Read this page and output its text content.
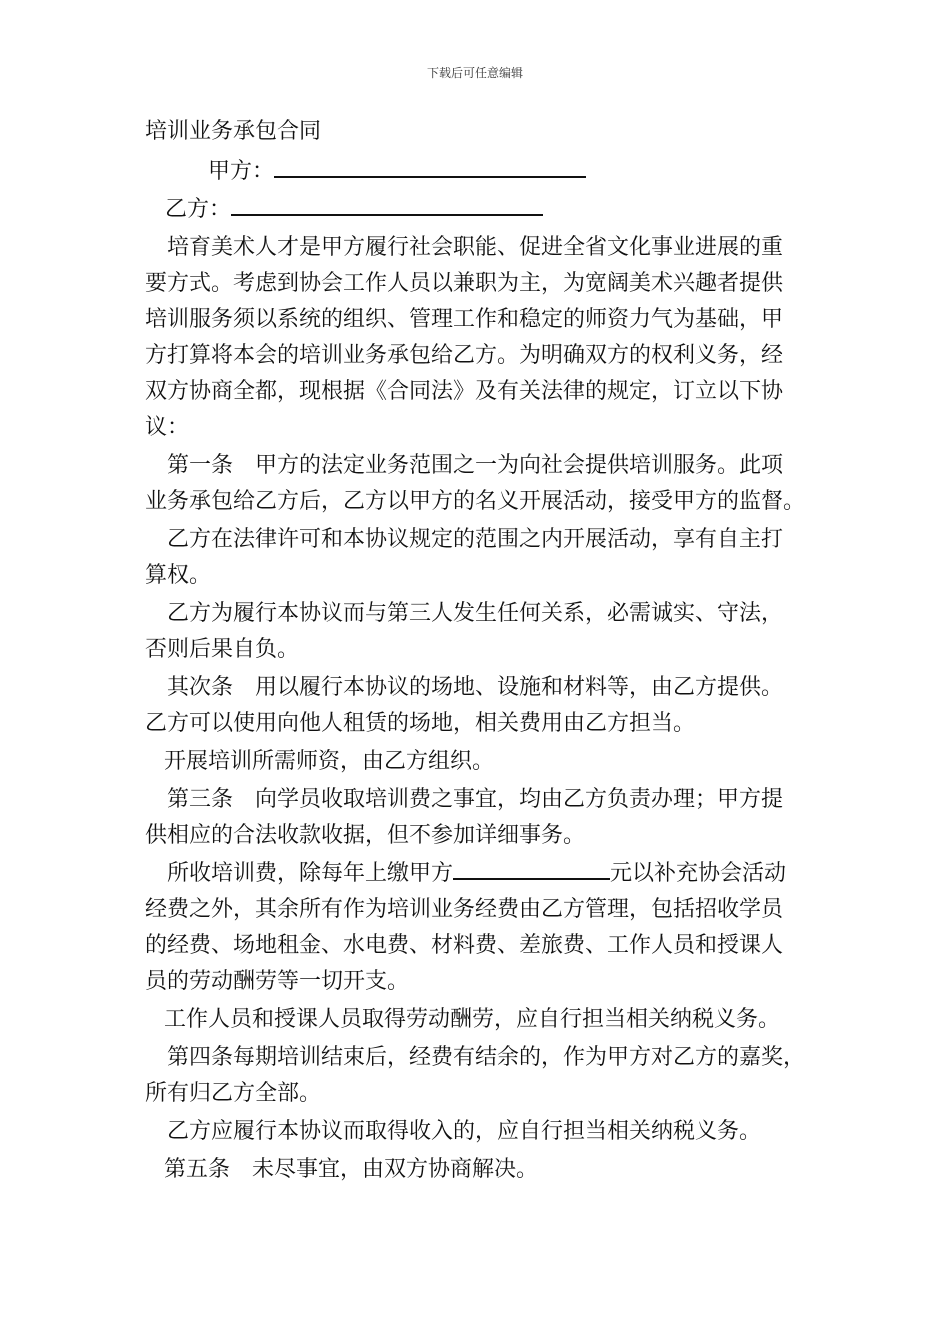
下载后可任意编辑
培训业务承包合同
甲方：
乙方：
培育美术人才是甲方履行社会职能、促进全省文化事业进展的重
要方式。考虑到协会工作人员以兼职为主，为宽阔美术兴趣者提供
培训服务须以系统的组织、管理工作和稳定的师资力气为基础，甲
方打算将本会的培训业务承包给乙方。为明确双方的权利义务，经
双方协商全都，现根据《合同法》及有关法律的规定，订立以下协
议：
第一条　甲方的法定业务范围之一为向社会提供培训服务。此项
业务承包给乙方后，乙方以甲方的名义开展活动，接受甲方的监督。
乙方在法律许可和本协议规定的范围之内开展活动，享有自主打
算权。
乙方为履行本协议而与第三人发生任何关系，必需诚实、守法，
否则后果自负。
其次条　用以履行本协议的场地、设施和材料等，由乙方提供。
乙方可以使用向他人租赁的场地，相关费用由乙方担当。
开展培训所需师资，由乙方组织。
第三条　向学员收取培训费之事宜，均由乙方负责办理；甲方提
供相应的合法收款收据，但不参加详细事务。
所收培训费，除每年上缴甲方	元以补充协会活动
经费之外，其余所有作为培训业务经费由乙方管理，包括招收学员
的经费、场地租金、水电费、材料费、差旅费、工作人员和授课人
员的劳动酬劳等一切开支。
工作人员和授课人员取得劳动酬劳，应自行担当相关纳税义务。
第四条每期培训结束后，经费有结余的，作为甲方对乙方的嘉奖，
所有归乙方全部。
乙方应履行本协议而取得收入的，应自行担当相关纳税义务。
第五条　未尽事宜，由双方协商解决。
